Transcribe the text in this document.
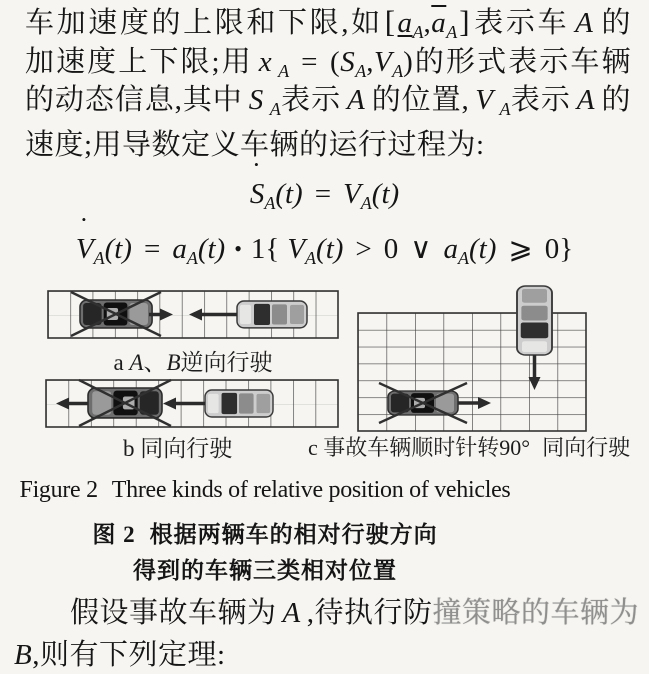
车加速度的上限和下限,如$[a_A,\overline{a}_A]$表示车 A 的
加速度上下限;用 x $_A = (S_A,V_A)$的形式表示车辆
的动态信息,其中 S $_A$表示 A 的位置, V $_A$表示 A 的
速度;用导数定义车辆的运行过程为:
•
$S_A(t) = V_A(t)$
•
$V_A(t) = a_A(t)$ • 1{ $V_A(t) > 0$ ∨ $a_A(t)$ ⩾ 0}
a A、B逆向行驶
b 同向行驶	c 事故车辆顺时针转90° 同向行驶
Figure 2 Three kinds of relative position of vehicles
图 2 根据两辆车的相对行驶方向
得到的车辆三类相对位置
假设事故车辆为 A ,待执行防撞策略的车辆为
B,则有下列定理:
